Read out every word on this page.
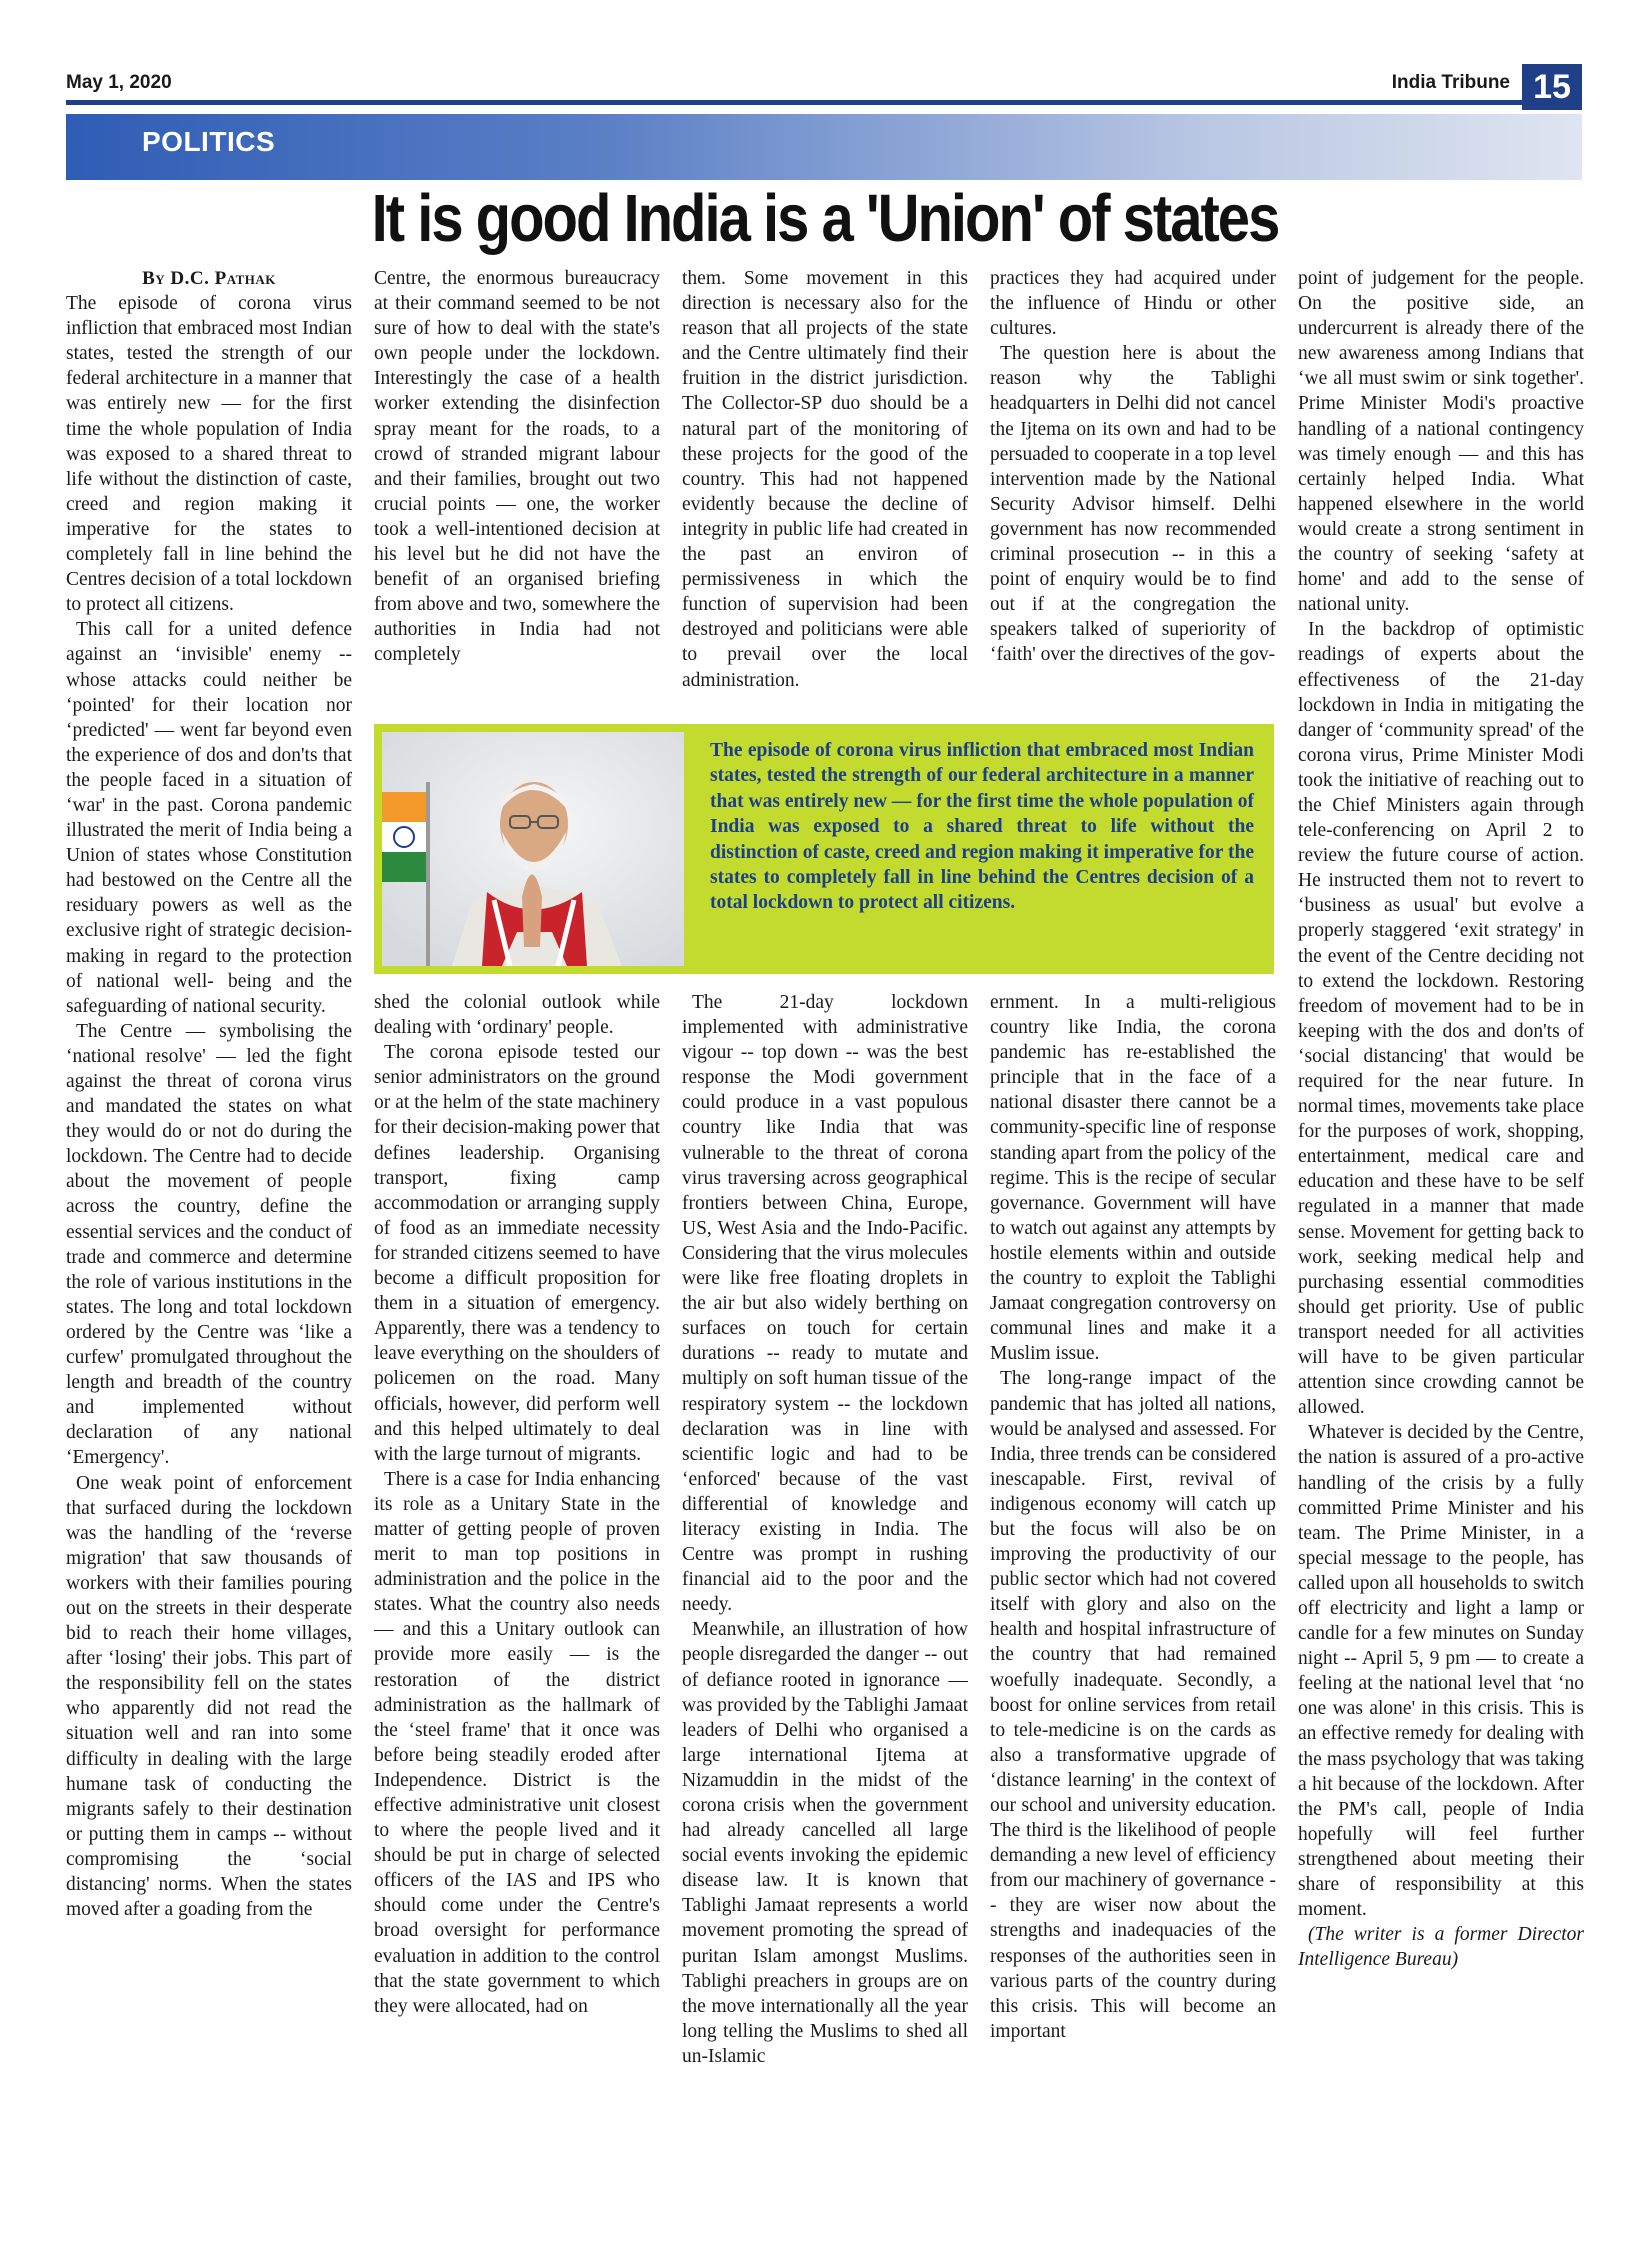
May 1, 2020	India Tribune 15
POLITICS
It is good India is a 'Union' of states

By D.C. Pathak

The episode of corona virus infliction that embraced most Indian states, tested the strength of our federal architecture in a manner that was entirely new — for the first time the whole population of India was exposed to a shared threat to life without the distinction of caste, creed and region making it imperative for the states to completely fall in line behind the Centres decision of a total lockdown to protect all citizens.

This call for a united defence against an ‘invisible' enemy -- whose attacks could neither be ‘pointed' for their location nor ‘predicted' — went far beyond even the experience of dos and don'ts that the people faced in a situation of ‘war' in the past. Corona pandemic illustrated the merit of India being a Union of states whose Constitution had bestowed on the Centre all the residuary powers as well as the exclusive right of strategic decision-making in regard to the protection of national well- being and the safeguarding of national security.

The Centre — symbolising the ‘national resolve' — led the fight against the threat of corona virus and mandated the states on what they would do or not do during the lockdown. The Centre had to decide about the movement of people across the country, define the essential services and the conduct of trade and commerce and determine the role of various institutions in the states. The long and total lockdown ordered by the Centre was ‘like a curfew' promulgated throughout the length and breadth of the country and implemented without declaration of any national ‘Emergency'.

One weak point of enforcement that surfaced during the lockdown was the handling of the ‘reverse migration' that saw thousands of workers with their families pouring out on the streets in their desperate bid to reach their home villages, after ‘losing' their jobs. This part of the responsibility fell on the states who apparently did not read the situation well and ran into some difficulty in dealing with the large humane task of conducting the migrants safely to their destination or putting them in camps -- without compromising the ‘social distancing' norms. When the states moved after a goading from the

Centre, the enormous bureaucracy at their command seemed to be not sure of how to deal with the state's own people under the lockdown. Interestingly the case of a health worker extending the disinfection spray meant for the roads, to a crowd of stranded migrant labour and their families, brought out two crucial points — one, the worker took a well-intentioned decision at his level but he did not have the benefit of an organised briefing from above and two, somewhere the authorities in India had not completely

them. Some movement in this direction is necessary also for the reason that all projects of the state and the Centre ultimately find their fruition in the district jurisdiction. The Collector-SP duo should be a natural part of the monitoring of these projects for the good of the country. This had not happened evidently because the decline of integrity in public life had created in the past an environ of permissiveness in which the function of supervision had been destroyed and politicians were able to prevail over the local administration.

practices they had acquired under the influence of Hindu or other cultures.

The question here is about the reason why the Tablighi headquarters in Delhi did not cancel the Ijtema on its own and had to be persuaded to cooperate in a top level intervention made by the National Security Advisor himself. Delhi government has now recommended criminal prosecution -- in this a point of enquiry would be to find out if at the congregation the speakers talked of superiority of ‘faith' over the directives of the gov-

The episode of corona virus infliction that embraced most Indian states, tested the strength of our federal architecture in a manner that was entirely new — for the first time the whole population of India was exposed to a shared threat to life without the distinction of caste, creed and region making it imperative for the states to completely fall in line behind the Centres decision of a total lockdown to protect all citizens.

shed the colonial outlook while dealing with ‘ordinary' people.

The corona episode tested our senior administrators on the ground or at the helm of the state machinery for their decision-making power that defines leadership. Organising transport, fixing camp accommodation or arranging supply of food as an immediate necessity for stranded citizens seemed to have become a difficult proposition for them in a situation of emergency. Apparently, there was a tendency to leave everything on the shoulders of policemen on the road. Many officials, however, did perform well and this helped ultimately to deal with the large turnout of migrants.

There is a case for India enhancing its role as a Unitary State in the matter of getting people of proven merit to man top positions in administration and the police in the states. What the country also needs — and this a Unitary outlook can provide more easily — is the restoration of the district administration as the hallmark of the ‘steel frame' that it once was before being steadily eroded after Independence. District is the effective administrative unit closest to where the people lived and it should be put in charge of selected officers of the IAS and IPS who should come under the Centre's broad oversight for performance evaluation in addition to the control that the state government to which they were allocated, had on

The 21-day lockdown implemented with administrative vigour -- top down -- was the best response the Modi government could produce in a vast populous country like India that was vulnerable to the threat of corona virus traversing across geographical frontiers between China, Europe, US, West Asia and the Indo-Pacific. Considering that the virus molecules were like free floating droplets in the air but also widely berthing on surfaces on touch for certain durations -- ready to mutate and multiply on soft human tissue of the respiratory system -- the lockdown declaration was in line with scientific logic and had to be ‘enforced' because of the vast differential of knowledge and literacy existing in India. The Centre was prompt in rushing financial aid to the poor and the needy.

Meanwhile, an illustration of how people disregarded the danger -- out of defiance rooted in ignorance — was provided by the Tablighi Jamaat leaders of Delhi who organised a large international Ijtema at Nizamuddin in the midst of the corona crisis when the government had already cancelled all large social events invoking the epidemic disease law. It is known that Tablighi Jamaat represents a world movement promoting the spread of puritan Islam amongst Muslims. Tablighi preachers in groups are on the move internationally all the year long telling the Muslims to shed all un-Islamic

ernment. In a multi-religious country like India, the corona pandemic has re-established the principle that in the face of a national disaster there cannot be a community-specific line of response standing apart from the policy of the regime. This is the recipe of secular governance. Government will have to watch out against any attempts by hostile elements within and outside the country to exploit the Tablighi Jamaat congregation controversy on communal lines and make it a Muslim issue.

The long-range impact of the pandemic that has jolted all nations, would be analysed and assessed. For India, three trends can be considered inescapable. First, revival of indigenous economy will catch up but the focus will also be on improving the productivity of our public sector which had not covered itself with glory and also on the health and hospital infrastructure of the country that had remained woefully inadequate. Secondly, a boost for online services from retail to tele-medicine is on the cards as also a transformative upgrade of ‘distance learning' in the context of our school and university education. The third is the likelihood of people demanding a new level of efficiency from our machinery of governance -- they are wiser now about the strengths and inadequacies of the responses of the authorities seen in various parts of the country during this crisis. This will become an important

point of judgement for the people. On the positive side, an undercurrent is already there of the new awareness among Indians that ‘we all must swim or sink together'. Prime Minister Modi's proactive handling of a national contingency was timely enough — and this has certainly helped India. What happened elsewhere in the world would create a strong sentiment in the country of seeking ‘safety at home' and add to the sense of national unity.

In the backdrop of optimistic readings of experts about the effectiveness of the 21-day lockdown in India in mitigating the danger of ‘community spread' of the corona virus, Prime Minister Modi took the initiative of reaching out to the Chief Ministers again through tele-conferencing on April 2 to review the future course of action. He instructed them not to revert to ‘business as usual' but evolve a properly staggered ‘exit strategy' in the event of the Centre deciding not to extend the lockdown. Restoring freedom of movement had to be in keeping with the dos and don'ts of ‘social distancing' that would be required for the near future. In normal times, movements take place for the purposes of work, shopping, entertainment, medical care and education and these have to be self regulated in a manner that made sense. Movement for getting back to work, seeking medical help and purchasing essential commodities should get priority. Use of public transport needed for all activities will have to be given particular attention since crowding cannot be allowed.

Whatever is decided by the Centre, the nation is assured of a pro-active handling of the crisis by a fully committed Prime Minister and his team. The Prime Minister, in a special message to the people, has called upon all households to switch off electricity and light a lamp or candle for a few minutes on Sunday night -- April 5, 9 pm — to create a feeling at the national level that ‘no one was alone' in this crisis. This is an effective remedy for dealing with the mass psychology that was taking a hit because of the lockdown. After the PM's call, people of India hopefully will feel further strengthened about meeting their share of responsibility at this moment.

(The writer is a former Director Intelligence Bureau)
